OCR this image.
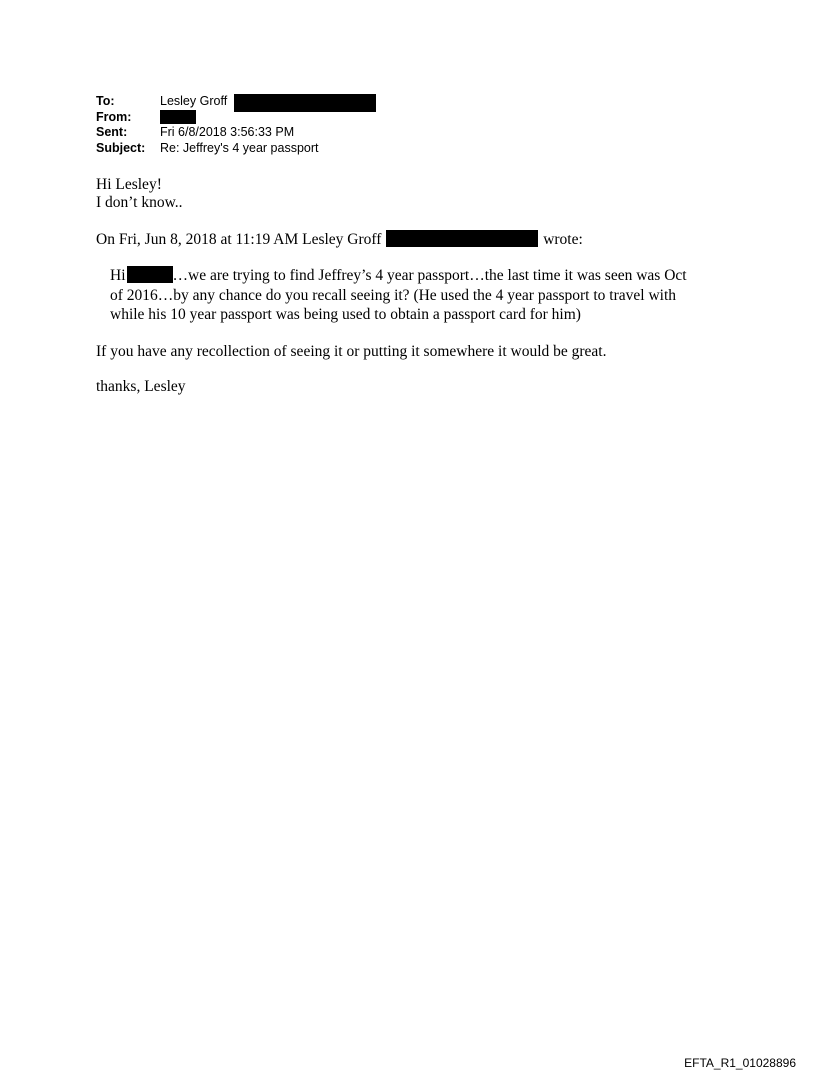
To:	Lesley Groff
From:
Sent:	Fri 6/8/2018 3:56:33 PM
Subject: Re: Jeffrey's 4 year passport
Hi Lesley!
I don’t know..
On Fri, Jun 8, 2018 at 11:19 AM Lesley Groff	wrote:
Hi	…we are trying to find Jeffrey’s 4 year passport…the last time it was seen was Oct
of 2016…by any chance do you recall seeing it? (He used the 4 year passport to travel with
while his 10 year passport was being used to obtain a passport card for him)
If you have any recollection of seeing it or putting it somewhere it would be great.
thanks, Lesley
EFTA_R1_01028896
